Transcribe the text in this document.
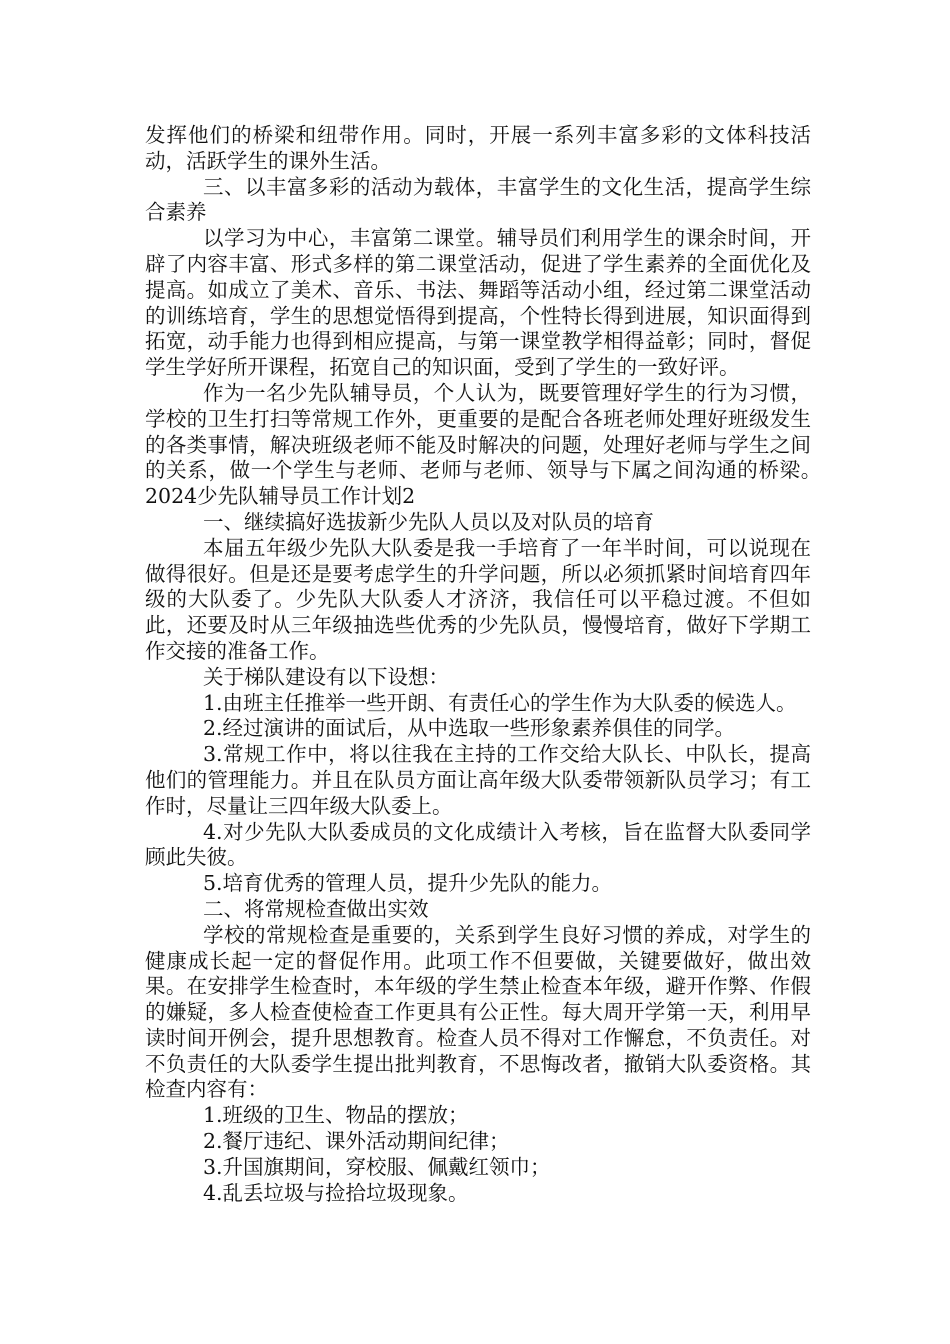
发挥他们的桥梁和纽带作用。同时，开展一系列丰富多彩的文体科技活动，活跃学生的课外生活。

三、以丰富多彩的活动为载体，丰富学生的文化生活，提高学生综合素养

以学习为中心，丰富第二课堂。辅导员们利用学生的课余时间，开辟了内容丰富、形式多样的第二课堂活动，促进了学生素养的全面优化及提高。如成立了美术、音乐、书法、舞蹈等活动小组，经过第二课堂活动的训练培育，学生的思想觉悟得到提高，个性特长得到进展，知识面得到拓宽，动手能力也得到相应提高，与第一课堂教学相得益彰；同时，督促学生学好所开课程，拓宽自己的知识面，受到了学生的一致好评。

作为一名少先队辅导员，个人认为，既要管理好学生的行为习惯，学校的卫生打扫等常规工作外，更重要的是配合各班老师处理好班级发生的各类事情，解决班级老师不能及时解决的问题，处理好老师与学生之间的关系，做一个学生与老师、老师与老师、领导与下属之间沟通的桥梁。　　2024少先队辅导员工作计划2

一、继续搞好选拔新少先队人员以及对队员的培育

本届五年级少先队大队委是我一手培育了一年半时间，可以说现在做得很好。但是还是要考虑学生的升学问题，所以必须抓紧时间培育四年级的大队委了。少先队大队委人才济济，我信任可以平稳过渡。不但如此，还要及时从三年级抽选些优秀的少先队员，慢慢培育，做好下学期工作交接的准备工作。

关于梯队建设有以下设想：

1.由班主任推举一些开朗、有责任心的学生作为大队委的候选人。

2.经过演讲的面试后，从中选取一些形象素养俱佳的同学。

3.常规工作中，将以往我在主持的工作交给大队长、中队长，提高他们的管理能力。并且在队员方面让高年级大队委带领新队员学习；有工作时，尽量让三四年级大队委上。

4.对少先队大队委成员的文化成绩计入考核，旨在监督大队委同学顾此失彼。

5.培育优秀的管理人员，提升少先队的能力。

二、将常规检查做出实效

学校的常规检查是重要的，关系到学生良好习惯的养成，对学生的健康成长起一定的督促作用。此项工作不但要做，关键要做好，做出效果。在安排学生检查时，本年级的学生禁止检查本年级，避开作弊、作假的嫌疑，多人检查使检查工作更具有公正性。每大周开学第一天，利用早读时间开例会，提升思想教育。检查人员不得对工作懈怠，不负责任。对不负责任的大队委学生提出批判教育，不思悔改者，撤销大队委资格。其检查内容有：

1.班级的卫生、物品的摆放；

2.餐厅违纪、课外活动期间纪律；

3.升国旗期间，穿校服、佩戴红领巾；

4.乱丢垃圾与捡拾垃圾现象。
